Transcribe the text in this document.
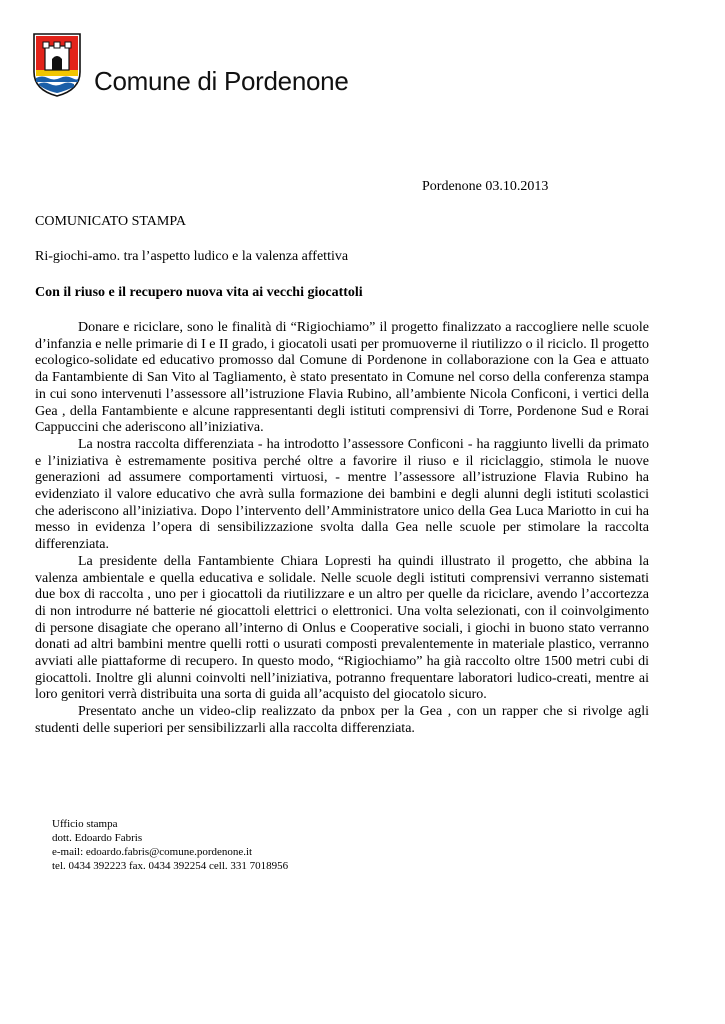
Comune di Pordenone
Pordenone 03.10.2013
COMUNICATO STAMPA
Ri-giochi-amo. tra l’aspetto ludico e la valenza affettiva
Con il riuso e il recupero nuova vita ai vecchi giocattoli

Donare e riciclare, sono le finalità di “Rigiochiamo” il progetto finalizzato a raccogliere nelle scuole d’infanzia e nelle primarie di I e II grado, i giocatoli usati per promuoverne il riutilizzo o il riciclo. Il progetto ecologico-solidate ed educativo promosso dal Comune di Pordenone in collaborazione con la Gea e attuato da Fantambiente di San Vito al Tagliamento, è stato presentato in Comune nel corso della conferenza stampa in cui sono intervenuti l’assessore all’istruzione Flavia Rubino, all’ambiente Nicola Conficoni, i vertici della Gea , della Fantambiente e alcune rappresentanti degli istituti comprensivi di Torre, Pordenone Sud e Rorai Cappuccini che aderiscono all’iniziativa.

La nostra raccolta differenziata - ha introdotto l’assessore Conficoni - ha raggiunto livelli da primato e l’iniziativa è estremamente positiva perché oltre a favorire il riuso e il riciclaggio, stimola le nuove generazioni ad assumere comportamenti virtuosi, - mentre l’assessore all’istruzione Flavia Rubino ha evidenziato il valore educativo che avrà sulla formazione dei bambini e degli alunni degli istituti scolastici che aderiscono all’iniziativa. Dopo l’intervento dell’Amministratore unico della Gea Luca Mariotto in cui ha messo in evidenza l’opera di sensibilizzazione svolta dalla Gea nelle scuole per stimolare la raccolta differenziata.

La presidente della Fantambiente Chiara Lopresti ha quindi illustrato il progetto, che abbina la valenza ambientale e quella educativa e solidale. Nelle scuole degli istituti comprensivi verranno sistemati due box di raccolta , uno per i giocattoli da riutilizzare e un altro per quelle da riciclare, avendo l’accortezza di non introdurre né batterie né giocattoli elettrici o elettronici. Una volta selezionati, con il coinvolgimento di persone disagiate che operano all’interno di Onlus e Cooperative sociali, i giochi in buono stato verranno donati ad altri bambini mentre quelli rotti o usurati composti prevalentemente in materiale plastico, verranno avviati alle piattaforme di recupero. In questo modo, “Rigiochiamo” ha già raccolto oltre 1500 metri cubi di giocattoli. Inoltre gli alunni coinvolti nell’iniziativa, potranno frequentare laboratori ludico-creati, mentre ai loro genitori verrà distribuita una sorta di guida all’acquisto del giocatolo sicuro.

Presentato anche un video-clip realizzato da pnbox per la Gea , con un rapper che si rivolge agli studenti delle superiori per sensibilizzarli alla raccolta differenziata.

Ufficio stampa
dott. Edoardo Fabris
e-mail: edoardo.fabris@comune.pordenone.it
tel. 0434 392223 fax. 0434 392254 cell. 331 7018956
